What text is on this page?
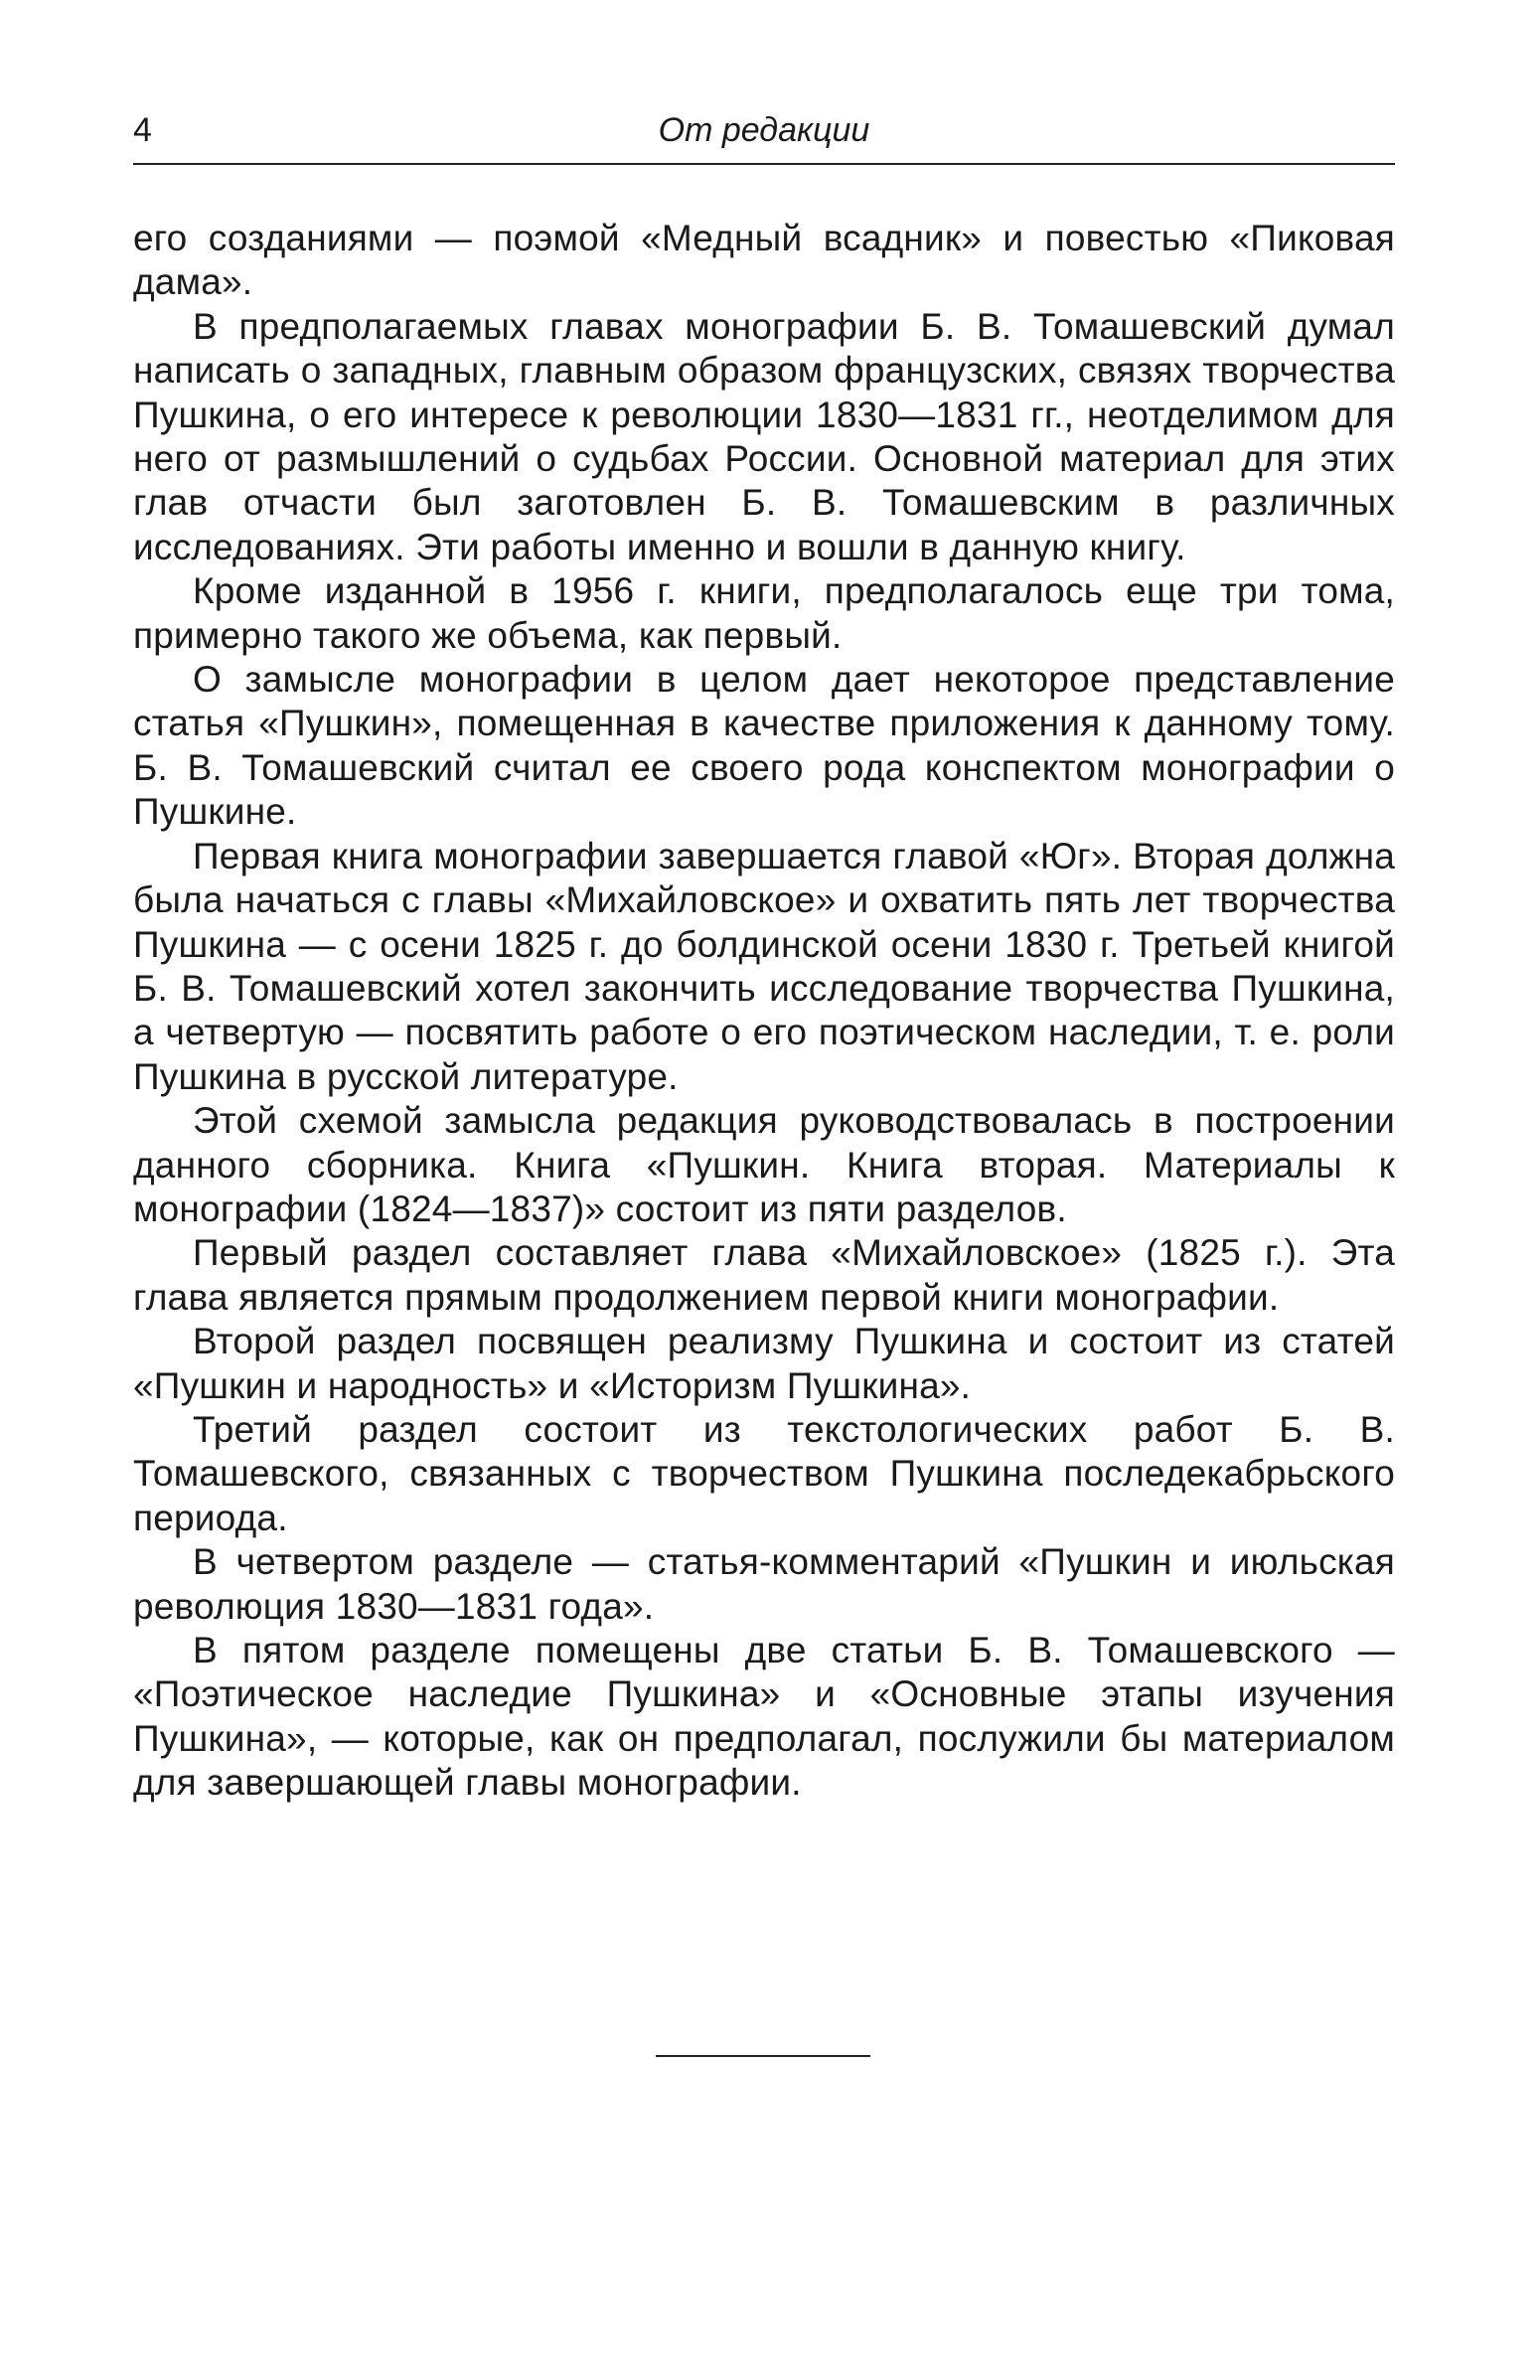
4	От редакции

его созданиями — поэмой «Медный всадник» и повестью «Пиковая дама».

В предполагаемых главах монографии Б. В. Томашевский думал написать о западных, главным образом французских, связях творчества Пушкина, о его интересе к революции 1830—1831 гг., неотделимом для него от размышлений о судьбах России. Основной материал для этих глав отчасти был заготовлен Б. В. Томашевским в различных исследованиях. Эти работы именно и вошли в данную книгу.

Кроме изданной в 1956 г. книги, предполагалось еще три тома, примерно такого же объема, как первый.

О замысле монографии в целом дает некоторое представление статья «Пушкин», помещенная в качестве приложения к данному тому. Б. В. Томашевский считал ее своего рода конспектом монографии о Пушкине.

Первая книга монографии завершается главой «Юг». Вторая должна была начаться с главы «Михайловское» и охватить пять лет творчества Пушкина — с осени 1825 г. до болдинской осени 1830 г. Третьей книгой Б. В. Томашевский хотел закончить исследование творчества Пушкина, а четвертую — посвятить работе о его поэтическом наследии, т. е. роли Пушкина в русской литературе.

Этой схемой замысла редакция руководствовалась в построении данного сборника. Книга «Пушкин. Книга вторая. Материалы к монографии (1824—1837)» состоит из пяти разделов.

Первый раздел составляет глава «Михайловское» (1825 г.). Эта глава является прямым продолжением первой книги монографии.

Второй раздел посвящен реализму Пушкина и состоит из статей «Пушкин и народность» и «Историзм Пушкина».

Третий раздел состоит из текстологических работ Б. В. Томашевского, связанных с творчеством Пушкина последекабрьского периода.

В четвертом разделе — статья-комментарий «Пушкин и июльская революция 1830—1831 года».

В пятом разделе помещены две статьи Б. В. Томашевского — «Поэтическое наследие Пушкина» и «Основные этапы изучения Пушкина», — которые, как он предполагал, послужили бы материалом для завершающей главы монографии.
